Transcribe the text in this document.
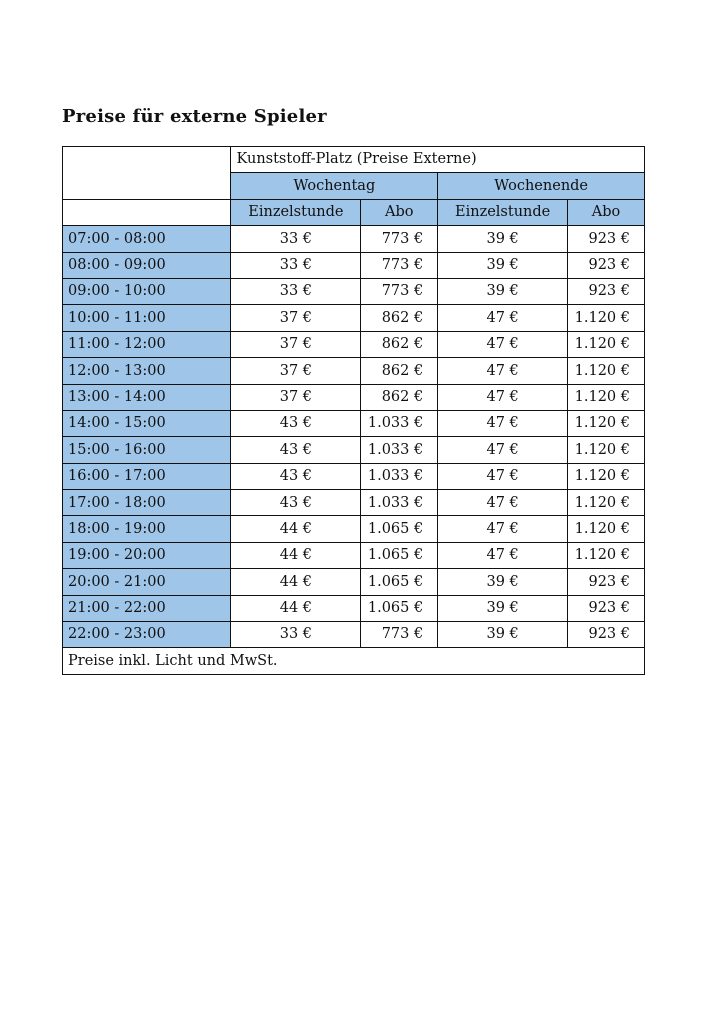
Preise für externe Spieler
	Kunststoff-Platz (Preise Externe)			
	Wochentag		Wochenende	
	Einzelstunde	Abo	Einzelstunde	Abo
07:00 - 08:00	33 €	773 €	39 €	923 €
08:00 - 09:00	33 €	773 €	39 €	923 €
09:00 - 10:00	33 €	773 €	39 €	923 €
10:00 - 11:00	37 €	862 €	47 €	1.120 €
11:00 - 12:00	37 €	862 €	47 €	1.120 €
12:00 - 13:00	37 €	862 €	47 €	1.120 €
13:00 - 14:00	37 €	862 €	47 €	1.120 €
14:00 - 15:00	43 €	1.033 €	47 €	1.120 €
15:00 - 16:00	43 €	1.033 €	47 €	1.120 €
16:00 - 17:00	43 €	1.033 €	47 €	1.120 €
17:00 - 18:00	43 €	1.033 €	47 €	1.120 €
18:00 - 19:00	44 €	1.065 €	47 €	1.120 €
19:00 - 20:00	44 €	1.065 €	47 €	1.120 €
20:00 - 21:00	44 €	1.065 €	39 €	923 €
21:00 - 22:00	44 €	1.065 €	39 €	923 €
22:00 - 23:00	33 €	773 €	39 €	923 €
Preise inkl. Licht und MwSt.				
